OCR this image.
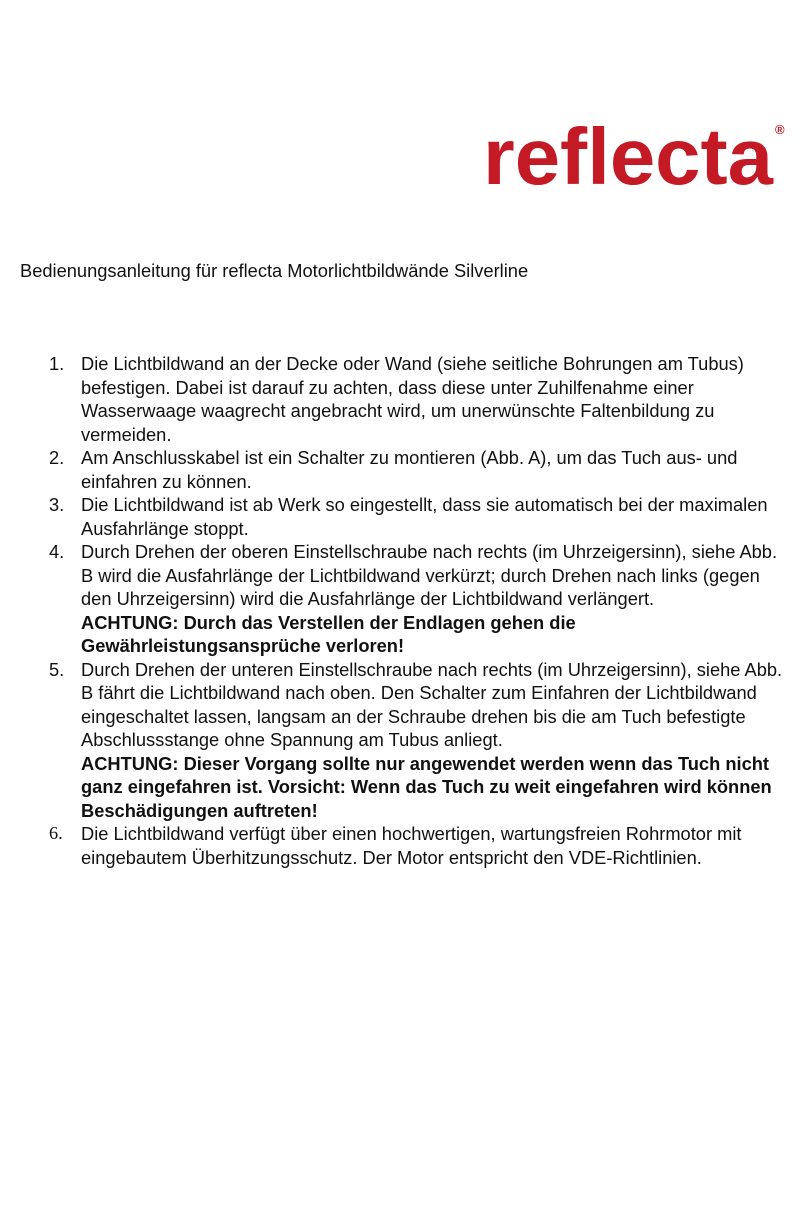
reflecta ®
Bedienungsanleitung für reflecta Motorlichtbildwände Silverline
1. Die Lichtbildwand an der Decke oder Wand (siehe seitliche Bohrungen am Tubus) befestigen. Dabei ist darauf zu achten, dass diese unter Zuhilfenahme einer Wasserwaage waagrecht angebracht wird, um unerwünschte Faltenbildung zu vermeiden.
2. Am Anschlusskabel ist ein Schalter zu montieren (Abb. A), um das Tuch aus- und einfahren zu können.
3. Die Lichtbildwand ist ab Werk so eingestellt, dass sie automatisch bei der maximalen Ausfahrlänge stoppt.
4. Durch Drehen der oberen Einstellschraube nach rechts (im Uhrzeigersinn), siehe Abb. B wird die Ausfahrlänge der Lichtbildwand verkürzt; durch Drehen nach links (gegen den Uhrzeigersinn) wird die Ausfahrlänge der Lichtbildwand verlängert.
ACHTUNG: Durch das Verstellen der Endlagen gehen die Gewährleistungsansprüche verloren!
5. Durch Drehen der unteren Einstellschraube nach rechts (im Uhrzeigersinn), siehe Abb. B fährt die Lichtbildwand nach oben. Den Schalter zum Einfahren der Lichtbildwand eingeschaltet lassen, langsam an der Schraube drehen bis die am Tuch befestigte Abschlussstange ohne Spannung am Tubus anliegt.
ACHTUNG: Dieser Vorgang sollte nur angewendet werden wenn das Tuch nicht ganz eingefahren ist. Vorsicht: Wenn das Tuch zu weit eingefahren wird können Beschädigungen auftreten!
6. Die Lichtbildwand verfügt über einen hochwertigen, wartungsfreien Rohrmotor mit eingebautem Überhitzungsschutz. Der Motor entspricht den VDE-Richtlinien.
